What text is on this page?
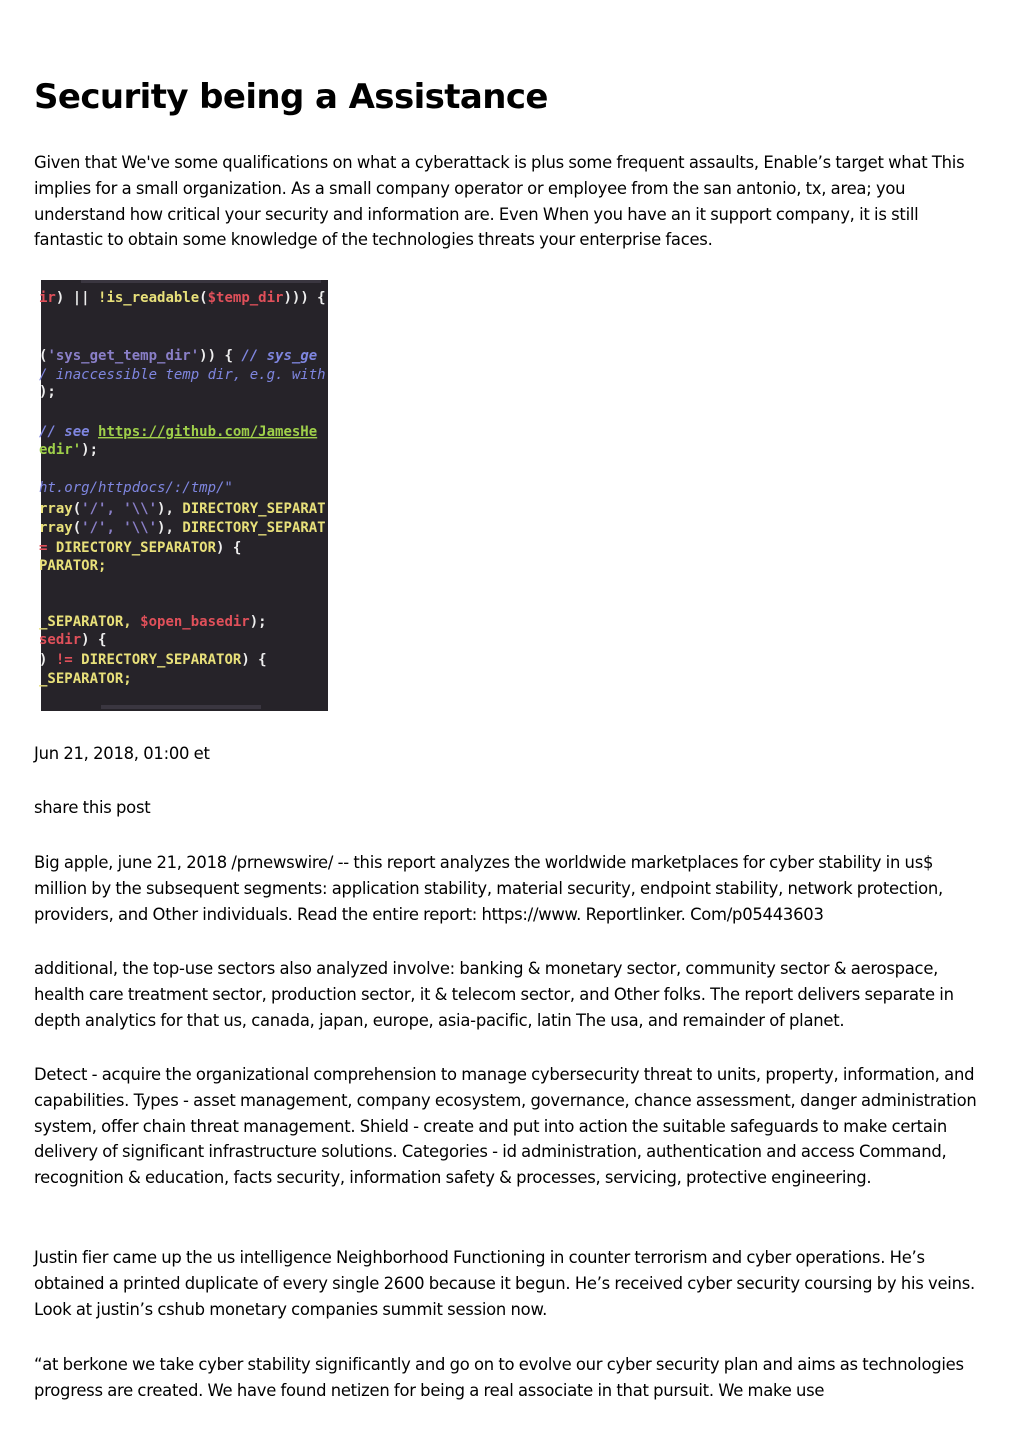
Security being a Assistance

Given that We've some qualifications on what a cyberattack is plus some frequent assaults, Enable’s target what This implies for a small organization. As a small company operator or employee from the san antonio, tx, area; you understand how critical your security and information are. Even When you have an it support company, it is still fantastic to obtain some knowledge of the technologies threats your enterprise faces.

ir) || !is_readable($temp_dir))) {
('sys_get_temp_dir')) { // sys_ge
/ inaccessible temp dir, e.g. with
);
// see https://github.com/JamesHe
edir');
ht.org/httpdocs/:/tmp/"
rray('/', '\\'), DIRECTORY_SEPARAT
rray('/', '\\'), DIRECTORY_SEPARAT
= DIRECTORY_SEPARATOR) {
PARATOR;
_SEPARATOR, $open_basedir);
sedir) {
) != DIRECTORY_SEPARATOR) {
_SEPARATOR;

Jun 21, 2018, 01:00 et

share this post

Big apple, june 21, 2018 /prnewswire/ -- this report analyzes the worldwide marketplaces for cyber stability in us$ million by the subsequent segments: application stability, material security, endpoint stability, network protection, providers, and Other individuals. Read the entire report: https://www. Reportlinker. Com/p05443603

additional, the top-use sectors also analyzed involve: banking & monetary sector, community sector & aerospace, health care treatment sector, production sector, it & telecom sector, and Other folks. The report delivers separate in depth analytics for that us, canada, japan, europe, asia-pacific, latin The usa, and remainder of planet.

Detect - acquire the organizational comprehension to manage cybersecurity threat to units, property, information, and capabilities. Types - asset management, company ecosystem, governance, chance assessment, danger administration system, offer chain threat management. Shield - create and put into action the suitable safeguards to make certain delivery of significant infrastructure solutions. Categories - id administration, authentication and access Command, recognition & education, facts security, information safety & processes, servicing, protective engineering.

Justin fier came up the us intelligence Neighborhood Functioning in counter terrorism and cyber operations. He’s obtained a printed duplicate of every single 2600 because it begun. He’s received cyber security coursing by his veins. Look at justin’s cshub monetary companies summit session now.

“at berkone we take cyber stability significantly and go on to evolve our cyber security plan and aims as technologies progress are created. We have found netizen for being a real associate in that pursuit. We make use
